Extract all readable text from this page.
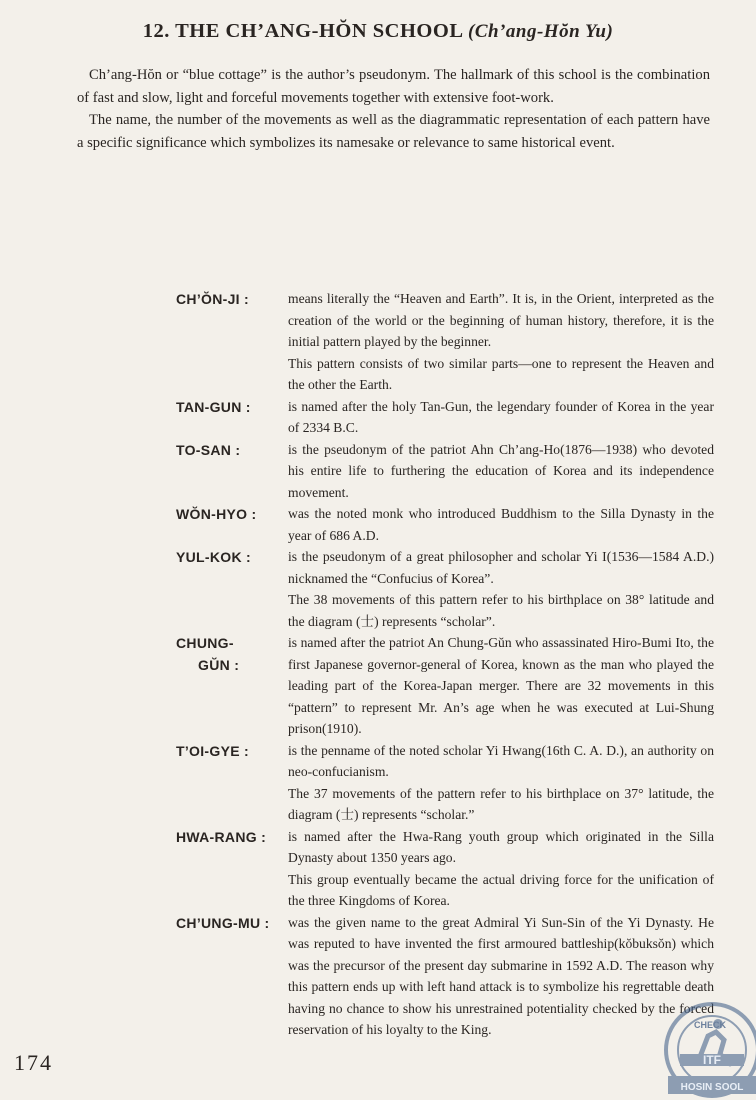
12. THE CH’ANG-HŎN SCHOOL (Ch’ang-Hŏn Yu)

Ch’ang-Hŏn or “blue cottage” is the author’s pseudonym. The hallmark of this school is the combination of fast and slow, light and forceful movements together with extensive foot-work.

The name, the number of the movements as well as the diagrammatic representation of each pattern have a specific significance which symbolizes its namesake or relevance to same historical event.

CH’ŎN-JI :	means literally the “Heaven and Earth”. It is, in the Orient, interpreted as the creation of the world or the beginning of human history, therefore, it is the initial pattern played by the beginner.

This pattern consists of two similar parts—one to represent the Heaven and the other the Earth.

TAN-GUN :	is named after the holy Tan-Gun, the legendary founder of Korea in the year of 2334 B.C.

TO-SAN :	is the pseudonym of the patriot Ahn Ch’ang-Ho(1876—1938) who devoted his entire life to furthering the education of Korea and its independence movement.

WŎN-HYO :	was the noted monk who introduced Buddhism to the Silla Dynasty in the year of 686 A.D.

YUL-KOK :	is the pseudonym of a great philosopher and scholar Yi I(1536—1584 A.D.) nicknamed the “Confucius of Korea”.

The 38 movements of this pattern refer to his birthplace on 38° latitude and the diagram (士) represents “scholar”.

CHUNG-
GŬN :

is named after the patriot An Chung-Gŭn who assassinated Hiro-Bumi Ito, the first Japanese governor-general of Korea, known as the man who played the leading part of the Korea-Japan merger. There are 32 movements in this “pattern” to represent Mr. An’s age when he was executed at Lui-Shung prison(1910).

T’OI-GYE :	is the penname of the noted scholar Yi Hwang(16th C. A. D.), an authority on neo-confucianism.

The 37 movements of the pattern refer to his birthplace on 37° latitude, the diagram (士) represents “scholar.”

HWA-RANG :	is named after the Hwa-Rang youth group which originated in the Silla Dynasty about 1350 years ago.

This group eventually became the actual driving force for the unification of the three Kingdoms of Korea.

CH’UNG-MU :	was the given name to the great Admiral Yi Sun-Sin of the Yi Dynasty. He was reputed to have invented the first armoured battleship(kŏbuksŏn) which was the precursor of the present day submarine in 1592 A.D. The reason why this pattern ends up with left hand attack is to symbolize his regrettable death having no chance to show his unrestrained potentiality checked by the forced reservation of his loyalty to the King.

174
CHECK
ITF
HOSIN SOOL
